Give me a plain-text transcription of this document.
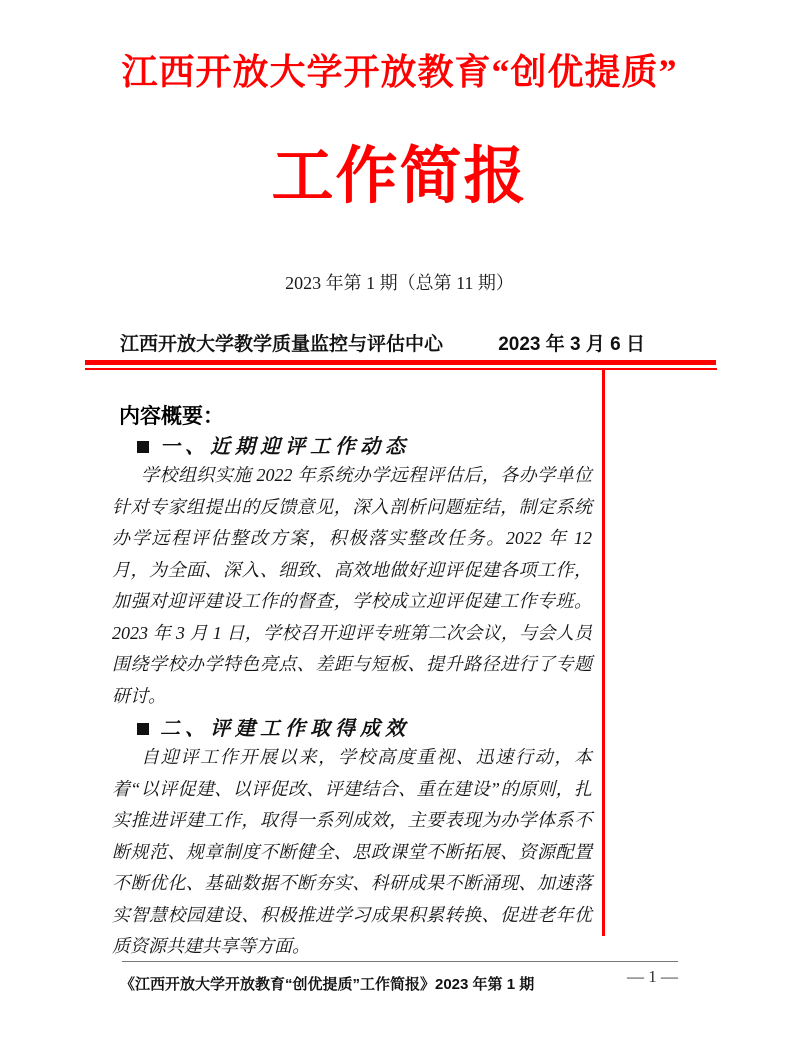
江西开放大学开放教育“创优提质”
工作简报
2023 年第 1 期（总第 11 期）
江西开放大学教学质量监控与评估中心	2023 年 3 月 6 日
内容概要：
一、近期迎评工作动态
学校组织实施 2022 年系统办学远程评估后，各办学单位针对专家组提出的反馈意见，深入剖析问题症结，制定系统办学远程评估整改方案，积极落实整改任务。2022 年 12 月，为全面、深入、细致、高效地做好迎评促建各项工作，加强对迎评建设工作的督查，学校成立迎评促建工作专班。2023 年 3 月 1 日，学校召开迎评专班第二次会议，与会人员围绕学校办学特色亮点、差距与短板、提升路径进行了专题研讨。
二、评建工作取得成效
自迎评工作开展以来，学校高度重视、迅速行动，本着“以评促建、以评促改、评建结合、重在建设”的原则，扎实推进评建工作，取得一系列成效，主要表现为办学体系不断规范、规章制度不断健全、思政课堂不断拓展、资源配置不断优化、基础数据不断夯实、科研成果不断涌现、加速落实智慧校园建设、积极推进学习成果积累转换、促进老年优质资源共建共享等方面。
《江西开放大学开放教育“创优提质”工作简报》2023 年第 1 期	— 1 —
